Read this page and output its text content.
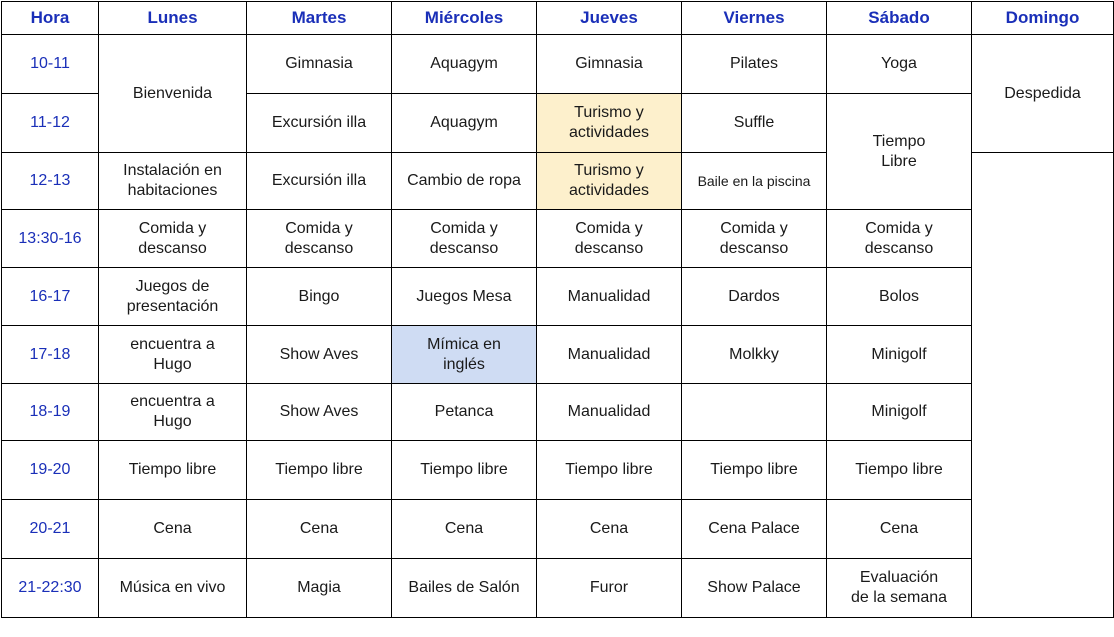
Hora	Lunes	Martes	Miércoles	Jueves	Viernes	Sábado	Domingo
10-11	Bienvenida	Gimnasia	Aquagym	Gimnasia	Pilates	Yoga	Despedida
11-12		Excursión illa	Aquagym	Turismo y
actividades	Suffle	Tiempo
Libre	
12-13	Instalación en
habitaciones	Excursión illa	Cambio de ropa	Turismo y
actividades	Baile en la piscina		
13:30-16	Comida y
descanso	Comida y
descanso	Comida y
descanso	Comida y
descanso	Comida y
descanso	Comida y
descanso	
16-17	Juegos de
presentación	Bingo	Juegos Mesa	Manualidad	Dardos	Bolos	
17-18	encuentra a
Hugo	Show Aves	Mímica en
inglés	Manualidad	Molkky	Minigolf	
18-19	encuentra a
Hugo	Show Aves	Petanca	Manualidad		Minigolf	
19-20	Tiempo libre	Tiempo libre	Tiempo libre	Tiempo libre	Tiempo libre	Tiempo libre	
20-21	Cena	Cena	Cena	Cena	Cena Palace	Cena	
21-22:30	Música en vivo	Magia	Bailes de Salón	Furor	Show Palace	Evaluación
de la semana	
